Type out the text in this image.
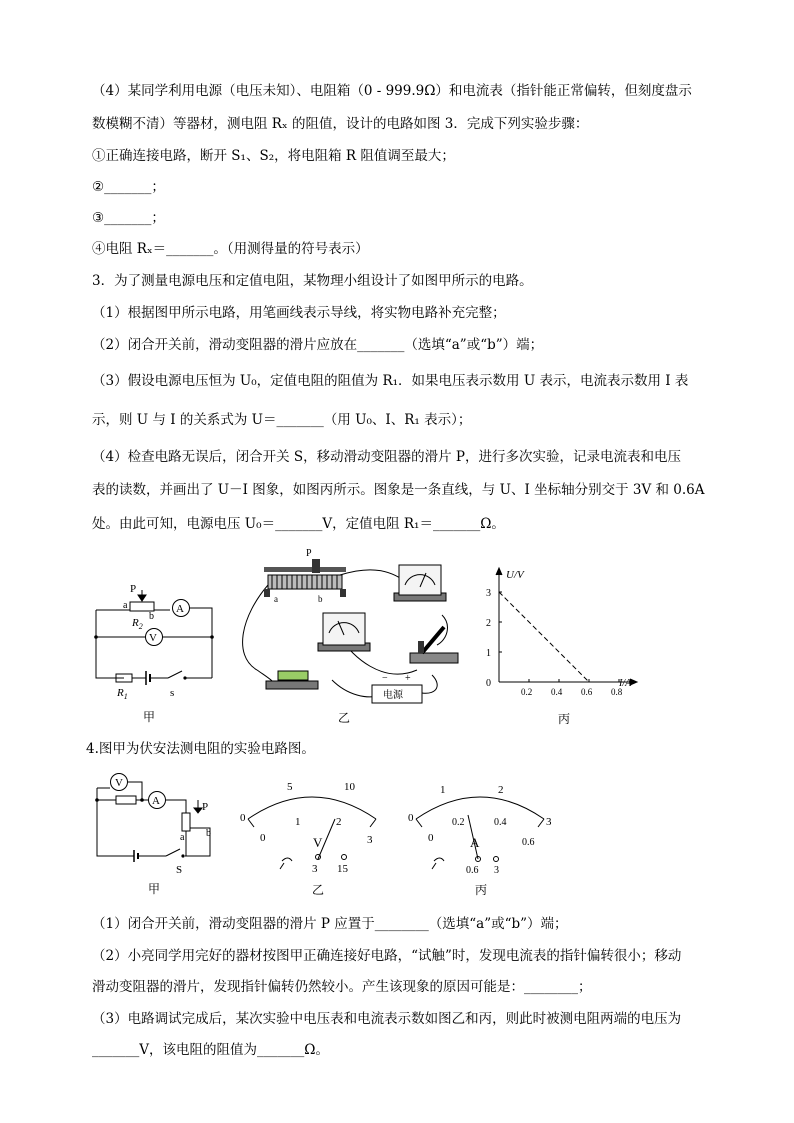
（4）某同学利用电源（电压未知）、电阻箱（0 - 999.9Ω）和电流表（指针能正常偏转，但刻度盘示
数模糊不清）等器材，测电阻 Rₓ 的阻值，设计的电路如图 3．完成下列实验步骤：
①正确连接电路，断开 S₁、S₂，将电阻箱 R 阻值调至最大；
②_______；
③_______；
④电阻 Rₓ＝_______。（用测得量的符号表示）
3．为了测量电源电压和定值电阻，某物理小组设计了如图甲所示的电路。
（1）根据图甲所示电路，用笔画线表示导线，将实物电路补充完整；
（2）闭合开关前，滑动变阻器的滑片应放在_______（选填“a”或“b”）端；
（3）假设电源电压恒为 U₀，定值电阻的阻值为 R₁．如果电压表示数用 U 表示，电流表示数用 I 表
示，则 U 与 I 的关系式为 U＝_______（用 U₀、I、R₁ 表示）；
（4）检查电路无误后，闭合开关 S，移动滑动变阻器的滑片 P，进行多次实验，记录电流表和电压
表的读数，并画出了 U－I 图象，如图丙所示。图象是一条直线，与 U、I 坐标轴分别交于 3V 和 0.6A
处。由此可知，电源电压 U₀＝_______V，定值电阻 R₁＝_______Ω。
P
a
b
$R_2$
A
V
$R_1$	s
甲
P
a	b
电源
− +
乙
0.2 0.4 0.6 0.8
1
2
3
U/V
I/A
0
丙
4.图甲为伏安法测电阻的实验电路图。
V
A	P
a b
S
甲
0
5	10
0
1	2
3
V
3 15
乙
0
1	2
3
0
0.2	0.4
0.6
A
0.6 3
丙
（1）闭合开关前，滑动变阻器的滑片 P 应置于________（选填“a”或“b”）端；
（2）小亮同学用完好的器材按图甲正确连接好电路，“试触”时，发现电流表的指针偏转很小；移动
滑动变阻器的滑片，发现指针偏转仍然较小。产生该现象的原因可能是：________；
（3）电路调试完成后，某次实验中电压表和电流表示数如图乙和丙，则此时被测电阻两端的电压为
_______V，该电阻的阻值为_______Ω。
